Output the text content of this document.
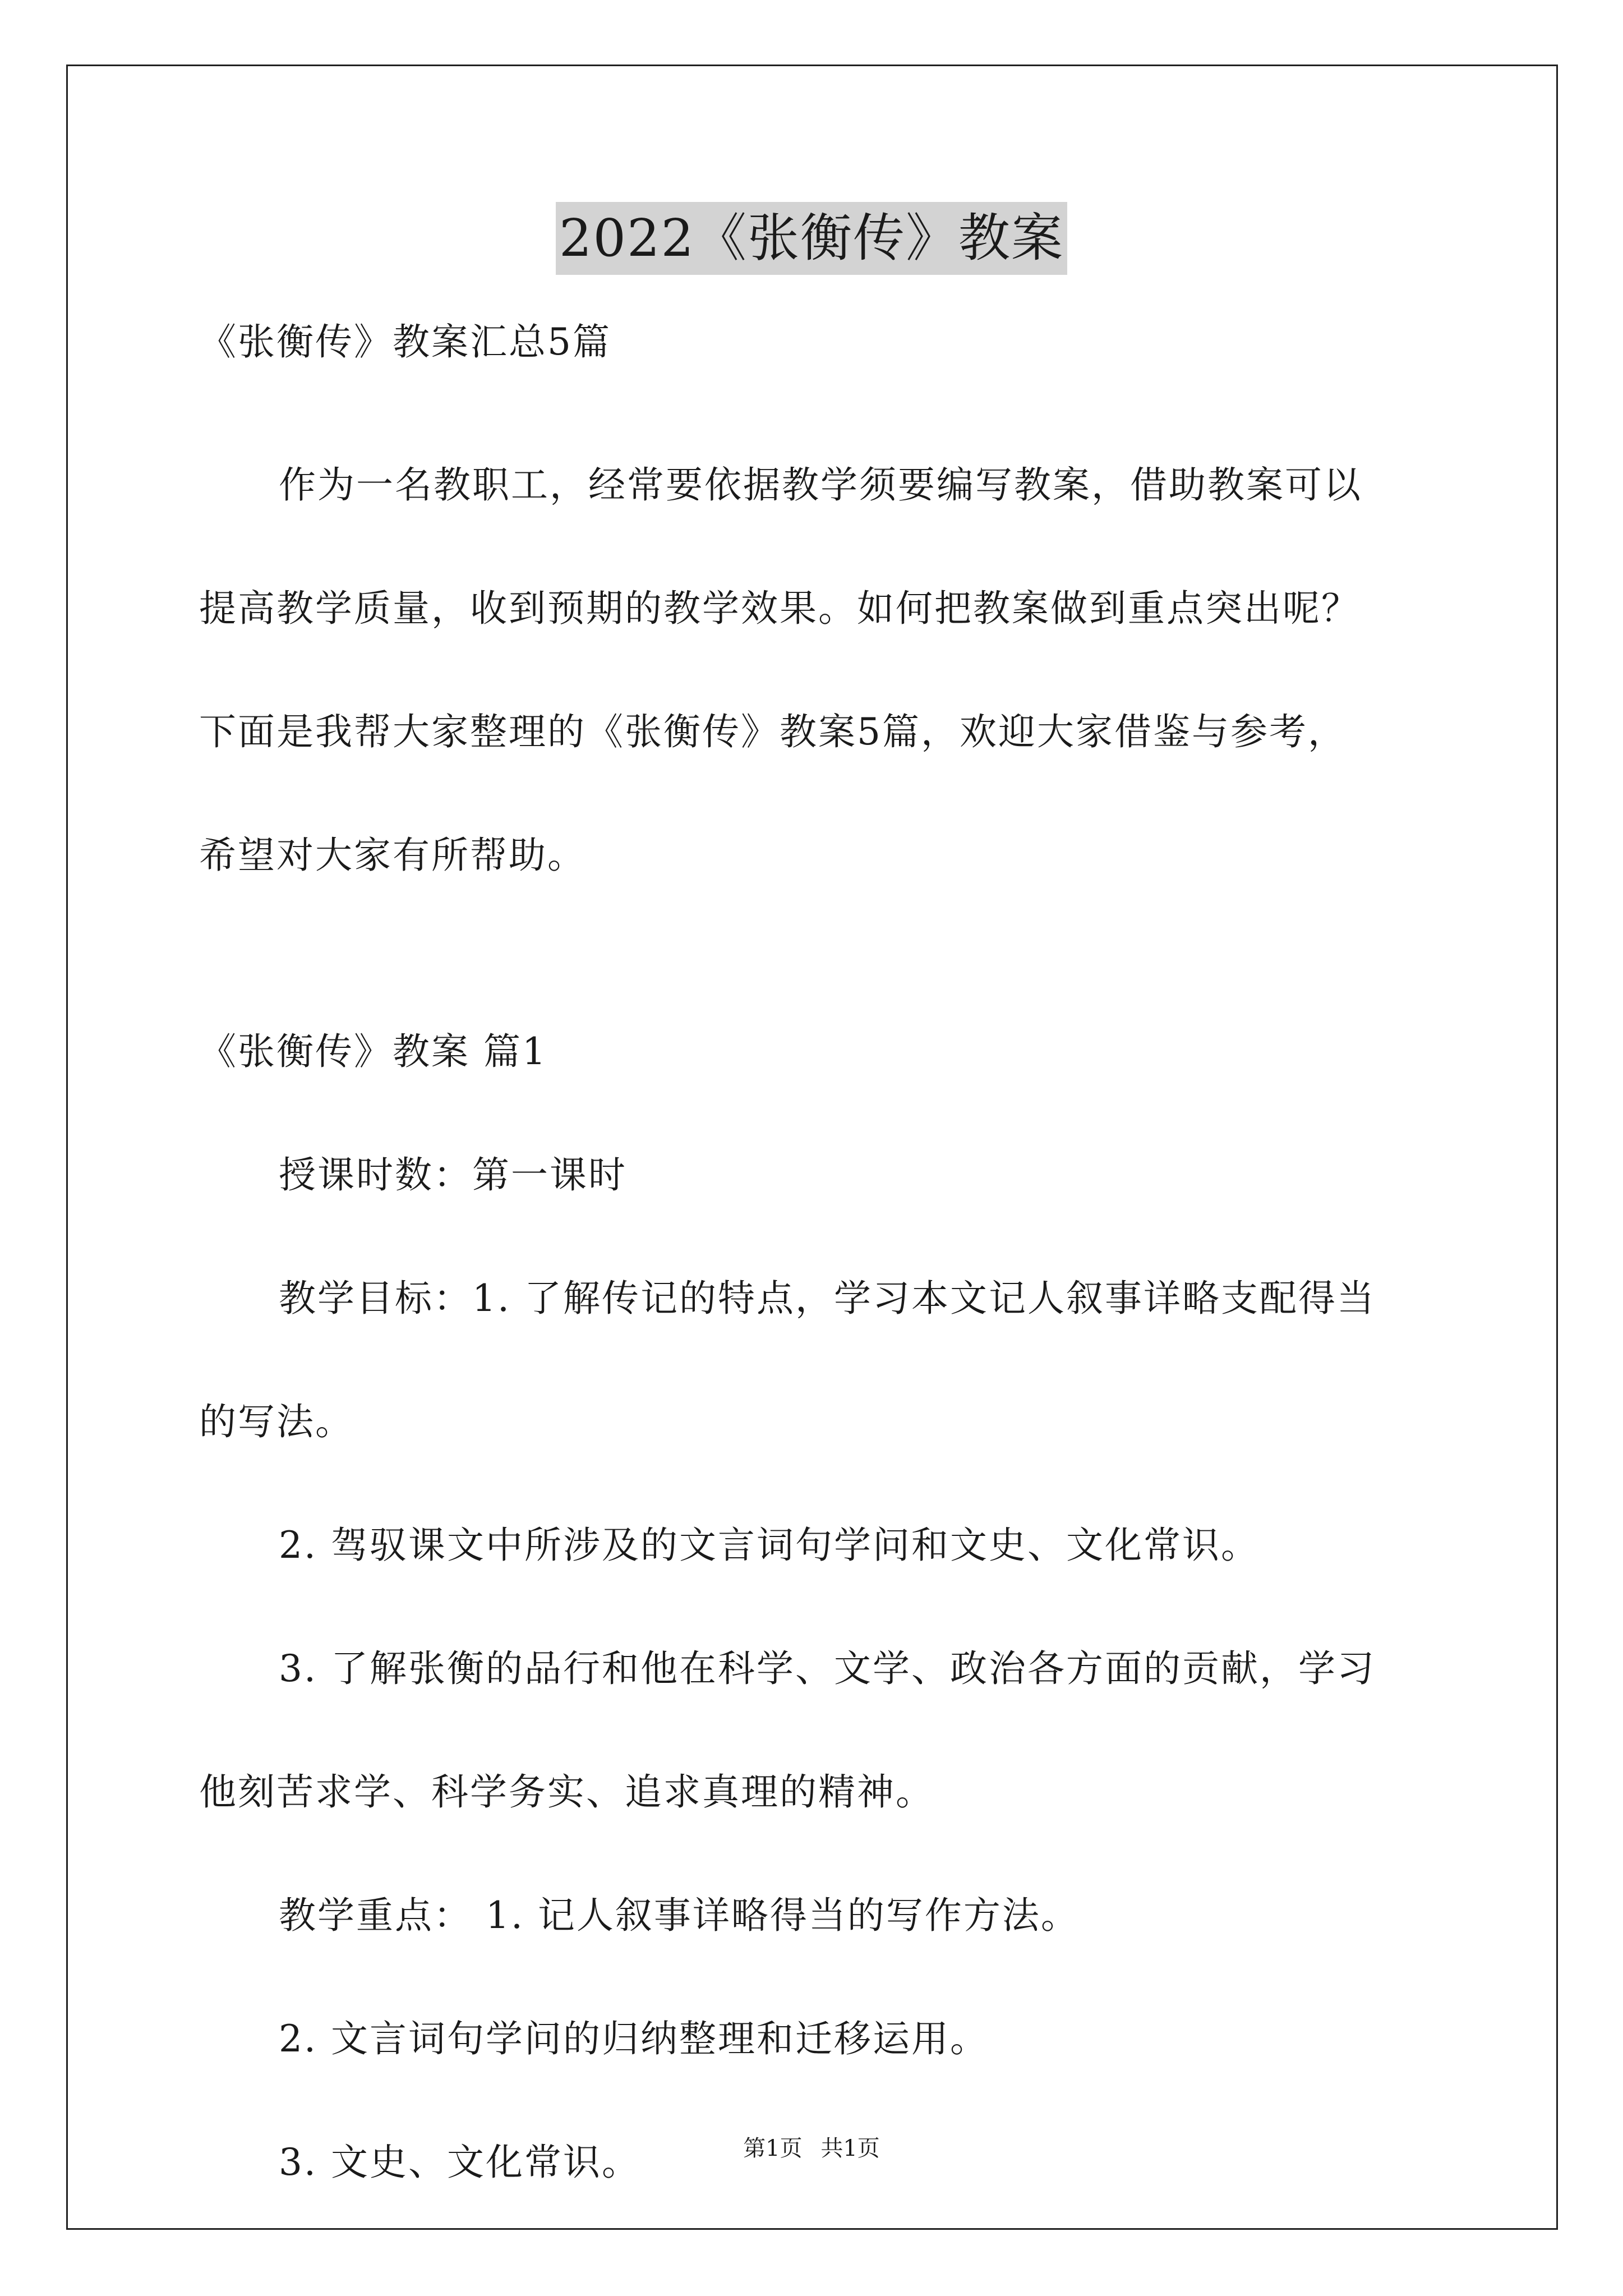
2022《张衡传》教案
《张衡传》教案汇总5篇
作为一名教职工，经常要依据教学须要编写教案，借助教案可以
提高教学质量，收到预期的教学效果。如何把教案做到重点突出呢？
下面是我帮大家整理的《张衡传》教案5篇，欢迎大家借鉴与参考，
希望对大家有所帮助。
《张衡传》教案 篇1
授课时数：第一课时
教学目标：1. 了解传记的特点，学习本文记人叙事详略支配得当
的写法。
2. 驾驭课文中所涉及的文言词句学问和文史、文化常识。
3. 了解张衡的品行和他在科学、文学、政治各方面的贡献，学习
他刻苦求学、科学务实、追求真理的精神。
教学重点： 1. 记人叙事详略得当的写作方法。
2. 文言词句学问的归纳整理和迁移运用。
3. 文史、文化常识。	第1页 共1页
